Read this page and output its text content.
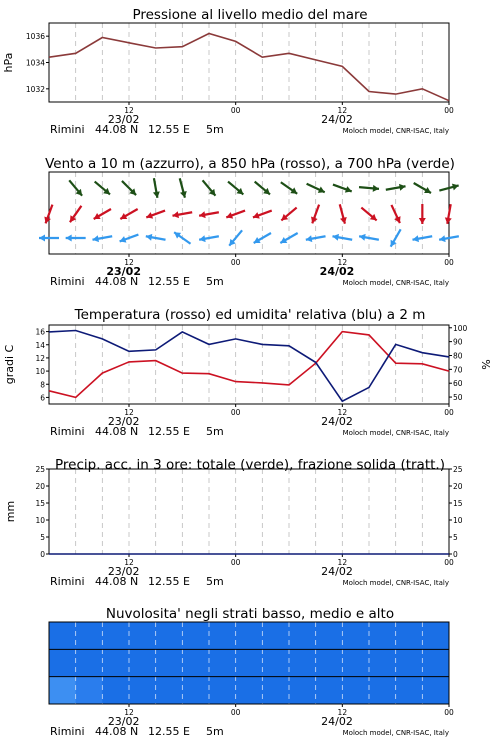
Pressione al livello medio del mare
1032
1034
1036
hPa
12	00	12	00
23/02	24/02
Rimini 44.08 N 12.55 E 5m	Moloch model, CNR-ISAC, Italy
Vento a 10 m (azzurro), a 850 hPa (rosso), a 700 hPa (verde)
12	00	12	00
23/02	24/02
Rimini 44.08 N 12.55 E 5m	Moloch model, CNR-ISAC, Italy
Temperatura (rosso) ed umidita' relativa (blu) a 2 m
6
8
10
12
14
16
50
60
70
80
90
100
gradi C	%
12	00	12	00
23/02	24/02
Rimini 44.08 N 12.55 E 5m	Moloch model, CNR-ISAC, Italy
Precip. acc. in 3 ore: totale (verde), frazione solida (tratt.)
0
5
10
15
20
25
0
5
10
15
20
25
mm
12	00	12	00
23/02	24/02
Rimini 44.08 N 12.55 E 5m	Moloch model, CNR-ISAC, Italy
Nuvolosita' negli strati basso, medio e alto
12	00	12	00
23/02	24/02
Rimini 44.08 N 12.55 E 5m	Moloch model, CNR-ISAC, Italy
